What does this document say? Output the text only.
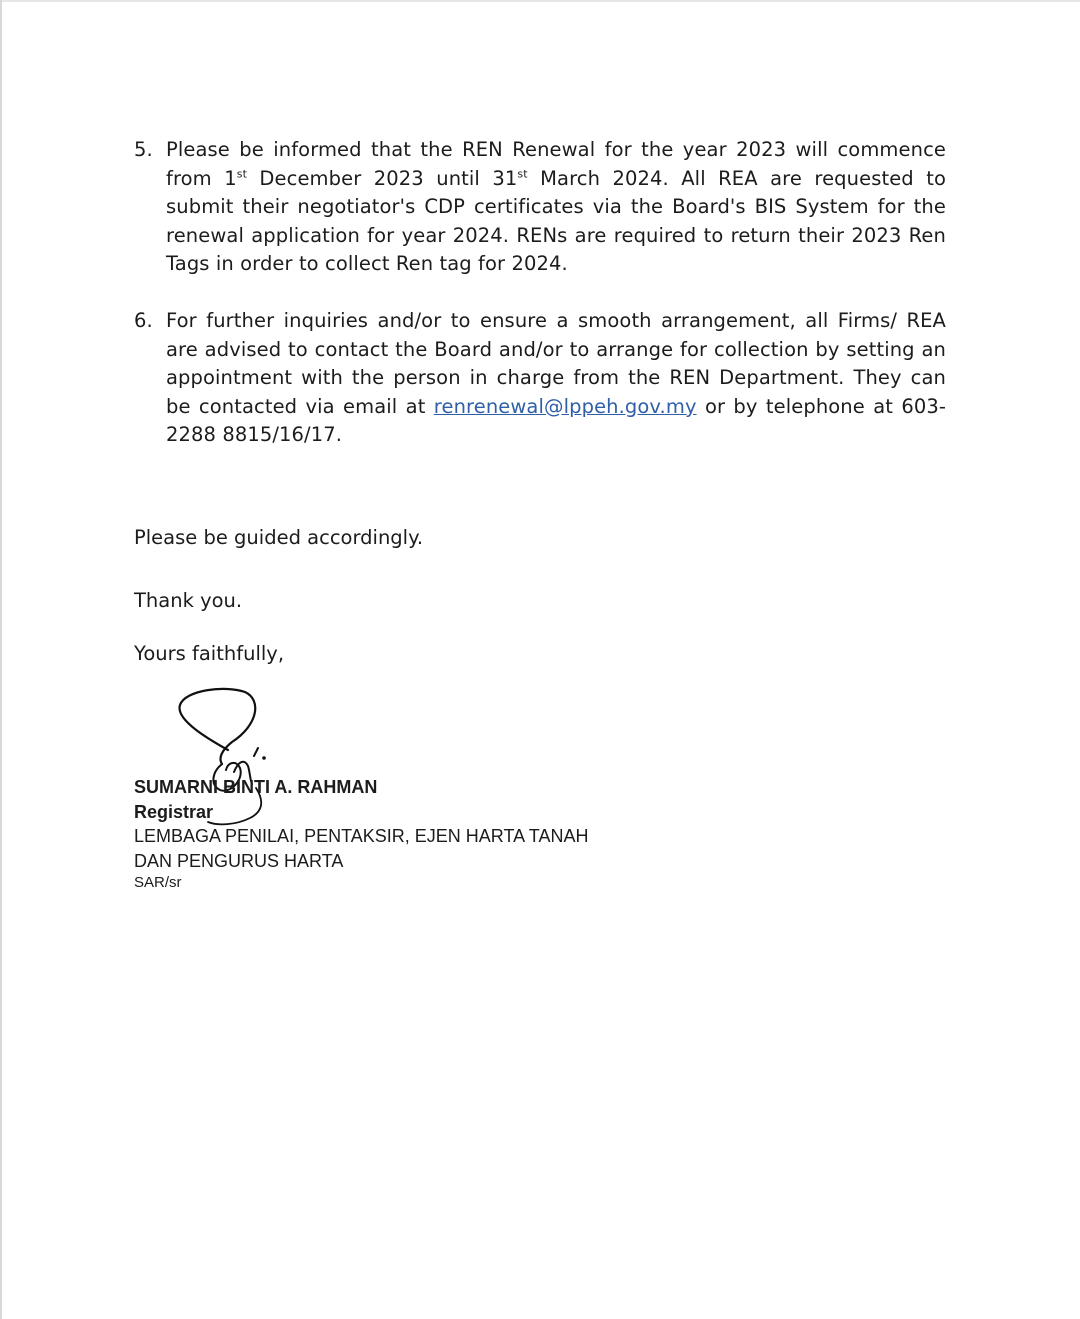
5. Please be informed that the REN Renewal for the year 2023 will commence from 1st December 2023 until 31st March 2024. All REA are requested to submit their negotiator's CDP certificates via the Board's BIS System for the renewal application for year 2024. RENs are required to return their 2023 Ren Tags in order to collect Ren tag for 2024.
6. For further inquiries and/or to ensure a smooth arrangement, all Firms/ REA are advised to contact the Board and/or to arrange for collection by setting an appointment with the person in charge from the REN Department. They can be contacted via email at renrenewal@lppeh.gov.my or by telephone at 603-2288 8815/16/17.
Please be guided accordingly.
Thank you.
Yours faithfully,
SUMARNI BINTI A. RAHMAN
Registrar
LEMBAGA PENILAI, PENTAKSIR, EJEN HARTA TANAH
DAN PENGURUS HARTA
SAR/sr
